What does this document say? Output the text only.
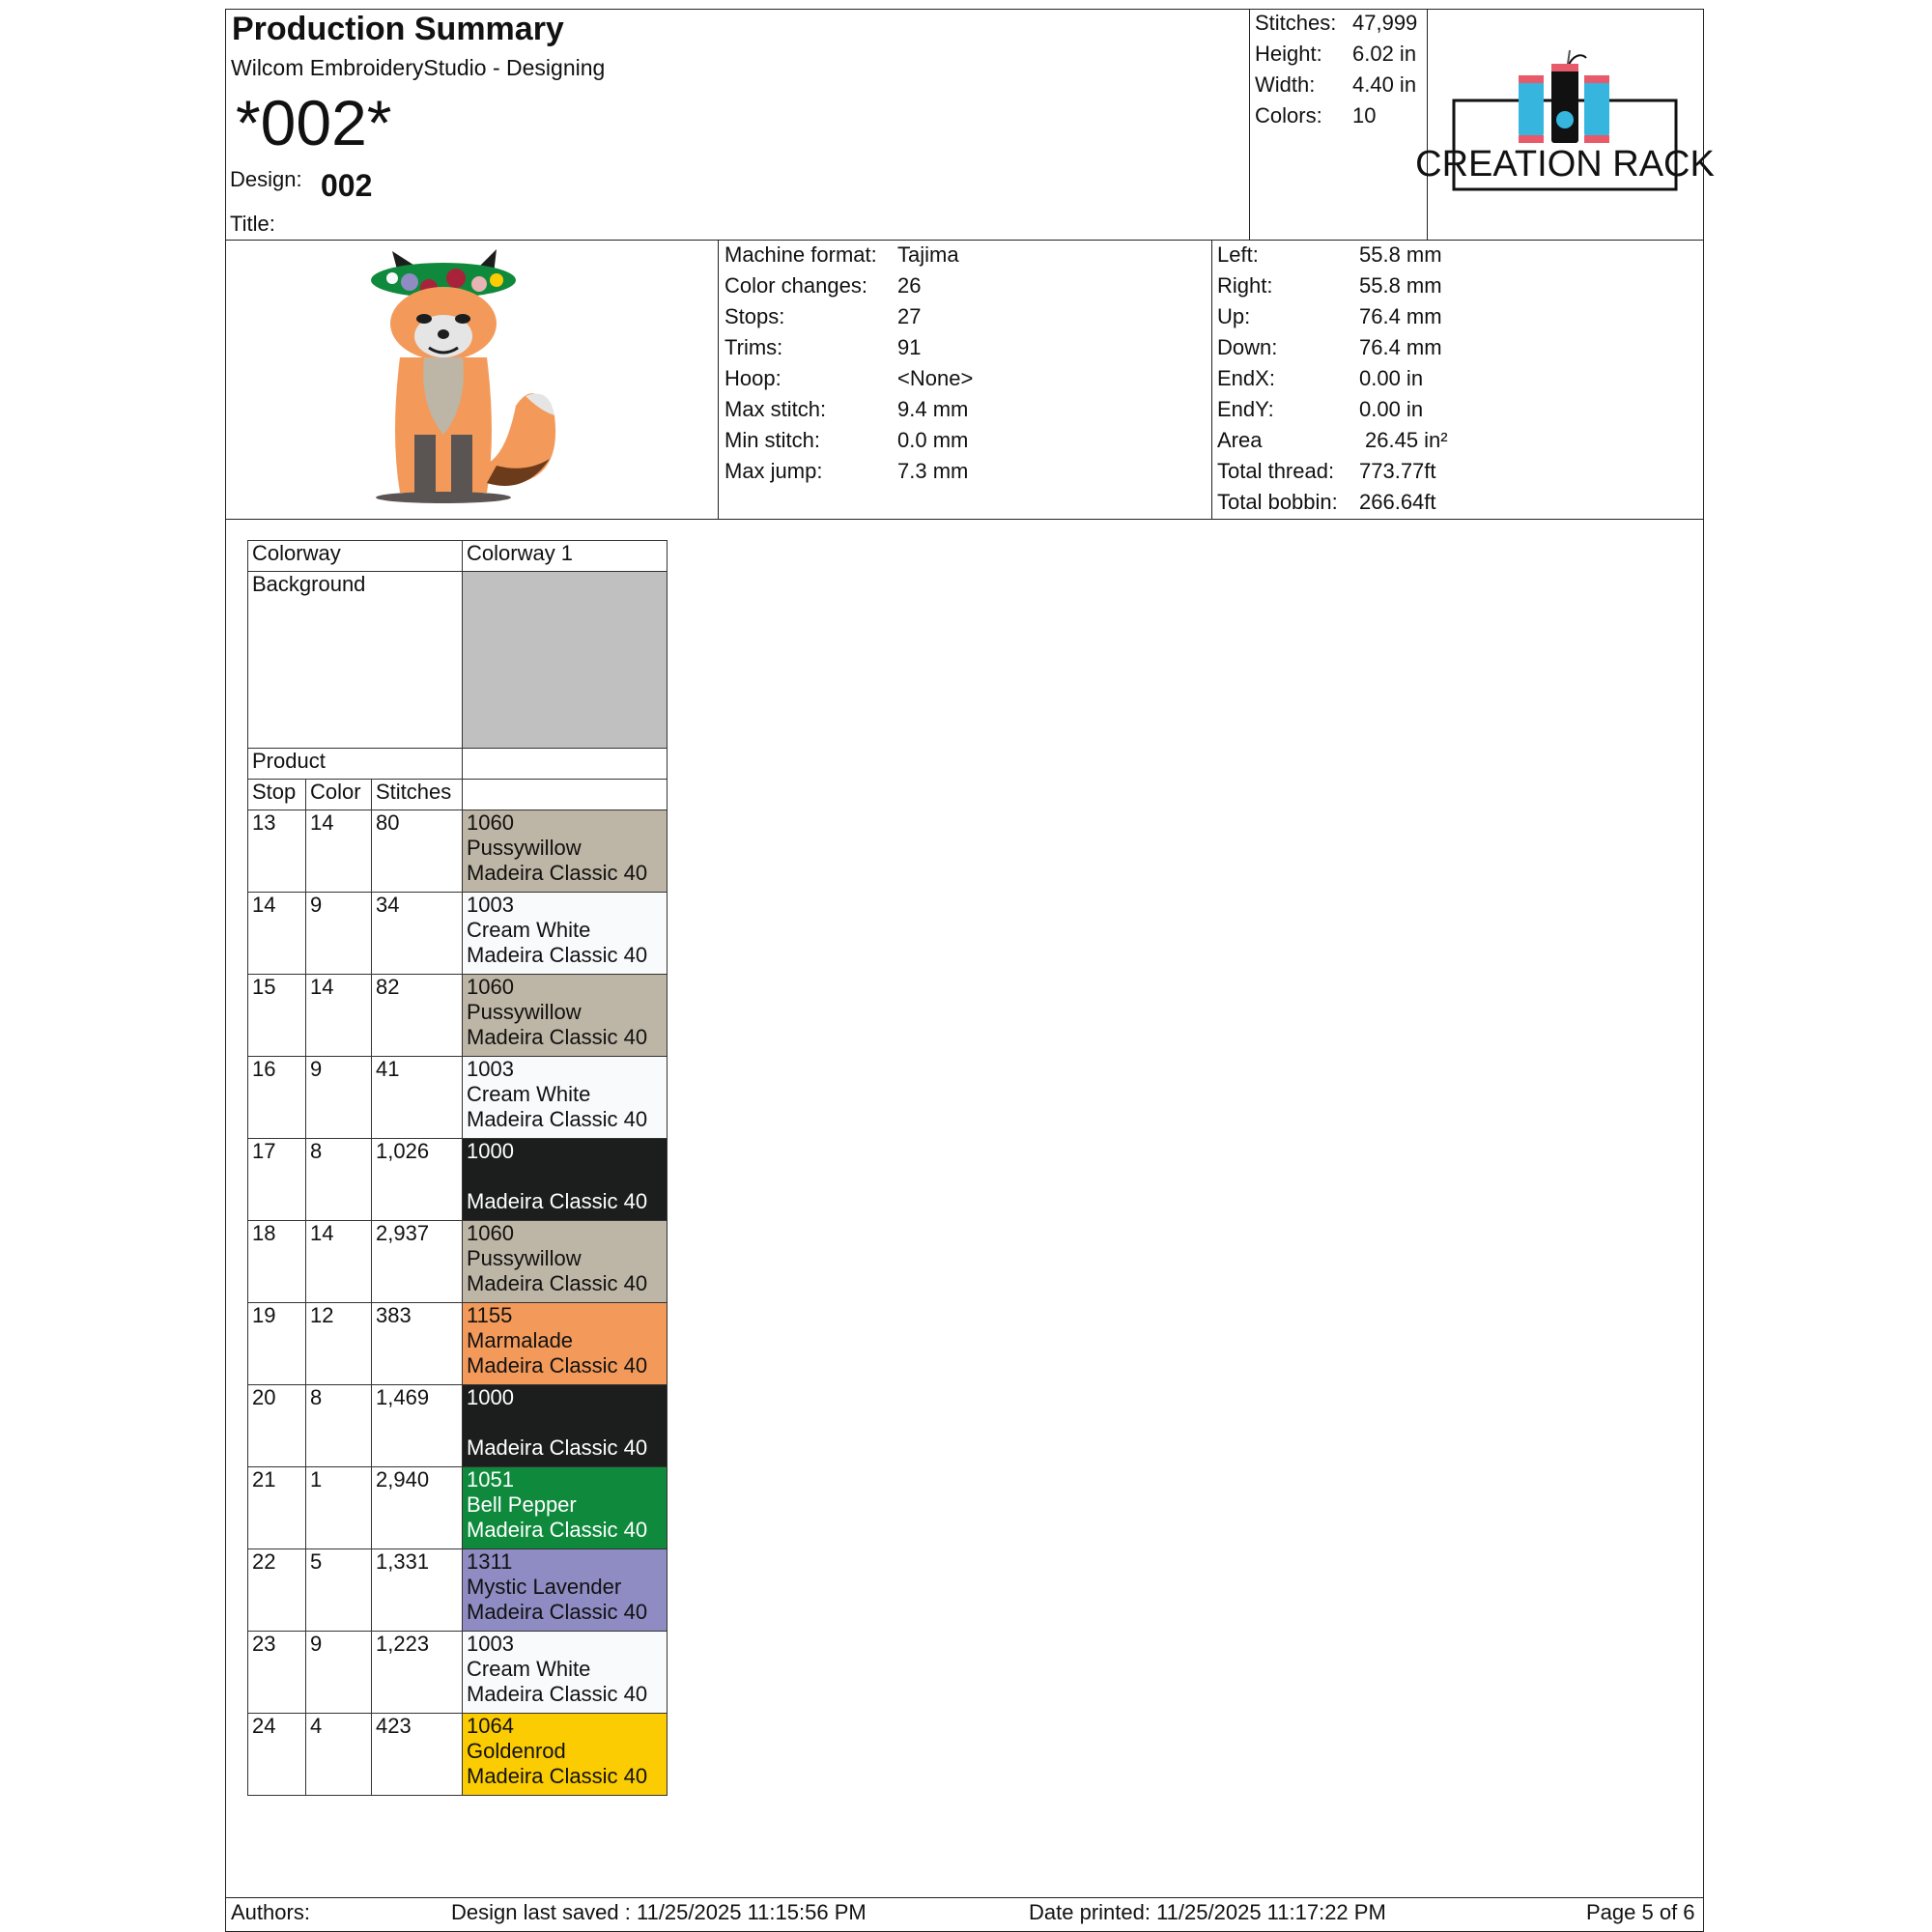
Production Summary
Wilcom EmbroideryStudio - Designing
*002*
Design: 002
Title:
Stitches: 47,999
Height: 6.02 in
Width: 4.40 in
Colors: 10
CREATION RACK
Machine format: Tajima
Color changes: 26
Stops:	27
Trims:	91
Hoop:	<None>
Max stitch:	9.4 mm
Min stitch:	0.0 mm
Max jump:	7.3 mm
Left:	55.8 mm
Right:	55.8 mm
Up:	76.4 mm
Down:	76.4 mm
EndX:	0.00 in
EndY:	0.00 in
Area	26.45 in²
Total thread: 773.77ft
Total bobbin: 266.64ft
Colorway			Colorway 1
Background			
Product			
Stop	Color	Stitches	
13	14	80	1060
Pussywillow
Madeira Classic 40

14	9	34	1003
Cream White
Madeira Classic 40

15	14	82	1060
Pussywillow
Madeira Classic 40

16	9	41	1003
Cream White
Madeira Classic 40

17	8	1,026	1000
Madeira Classic 40

18	14	2,937	1060
Pussywillow
Madeira Classic 40

19	12	383	1155
Marmalade
Madeira Classic 40

20	8	1,469	1000
Madeira Classic 40

21	1	2,940	1051
Bell Pepper
Madeira Classic 40

22	5	1,331	1311
Mystic Lavender
Madeira Classic 40

23	9	1,223	1003
Cream White
Madeira Classic 40

24	4	423	1064
Goldenrod
Madeira Classic 40
Authors:	Design last saved : 11/25/2025 11:15:56 PM	Date printed: 11/25/2025 11:17:22 PM	Page 5 of 6
